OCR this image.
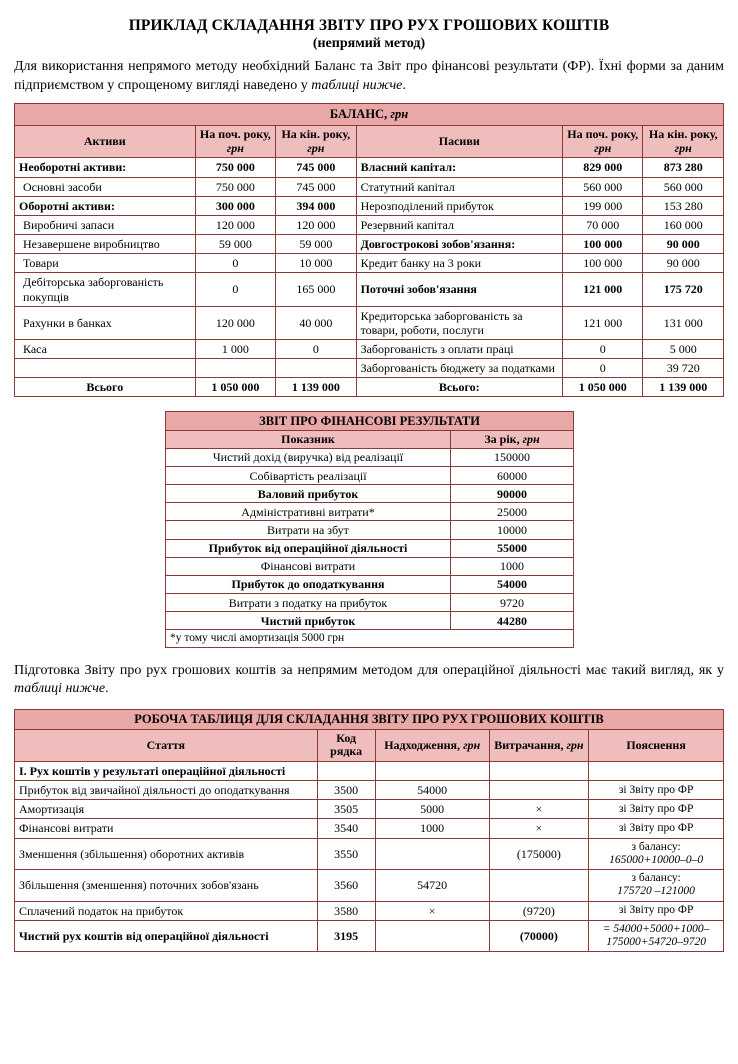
ПРИКЛАД СКЛАДАННЯ ЗВІТУ ПРО РУХ ГРОШОВИХ КОШТІВ
(непрямий метод)

Для використання непрямого методу необхідний Баланс та Звіт про фінансові результати (ФР). Їхні форми за даним підприємством у спрощеному вигляді наведено у таблиці нижче.

БАЛАНС, грн					
Активи	На поч. року, грн	На кін. року, грн	Пасиви	На поч. року, грн	На кін. року, грн
Необоротні активи:	750 000	745 000	Власний капітал:	829 000	873 280
Основні засоби	750 000	745 000	Статутний капітал	560 000	560 000
Оборотні активи:	300 000	394 000	Нерозподілений прибуток	199 000	153 280
Виробничі запаси	120 000	120 000	Резервний капітал	70 000	160 000
Незавершене виробництво	59 000	59 000	Довгострокові зобов'язання:	100 000	90 000
Товари	0	10 000	Кредит банку на 3 роки	100 000	90 000
Дебіторська заборгованість покупців	0	165 000	Поточні зобов'язання	121 000	175 720
Рахунки в банках	120 000	40 000	Кредиторська заборгованість за товари, роботи, послуги	121 000	131 000
Каса	1 000	0	Заборгованість з оплати праці	0	5 000
			Заборгованість бюджету за податками	0	39 720
Всього	1 050 000	1 139 000	Всього:	1 050 000	1 139 000
ЗВІТ ПРО ФІНАНСОВІ РЕЗУЛЬТАТИ	
Показник	За рік, грн
Чистий дохід (виручка) від реалізації	150000
Собівартість реалізації	60000
Валовий прибуток	90000
Адміністративні витрати*	25000
Витрати на збут	10000
Прибуток від операційної діяльності	55000
Фінансові витрати	1000
Прибуток до оподаткування	54000
Витрати з податку на прибуток	9720
Чистий прибуток	44280
*у тому числі амортизація 5000 грн	

Підготовка Звіту про рух грошових коштів за непрямим методом для операційної діяльності має такий вигляд, як у таблиці нижче.

РОБОЧА ТАБЛИЦЯ ДЛЯ СКЛАДАННЯ ЗВІТУ ПРО РУХ ГРОШОВИХ КОШТІВ				
Стаття	Код рядка	Надходження, грн	Витрачання, грн	Пояснення
I. Рух коштів у результаті операційної діяльності				
Прибуток від звичайної діяльності до оподаткування	3500	54000		зі Звіту про ФР
Амортизація	3505	5000	×	зі Звіту про ФР
Фінансові витрати	3540	1000	×	зі Звіту про ФР
Зменшення (збільшення) оборотних активів	3550		(175000)	з балансу:
165000+10000–0–0
Збільшення (зменшення) поточних зобов'язань	3560	54720		з балансу:
175720 –121000
Сплачений податок на прибуток	3580	×	(9720)	зі Звіту про ФР
Чистий рух коштів від операційної діяльності	3195		(70000)	= 54000+5000+1000–
175000+54720–9720
